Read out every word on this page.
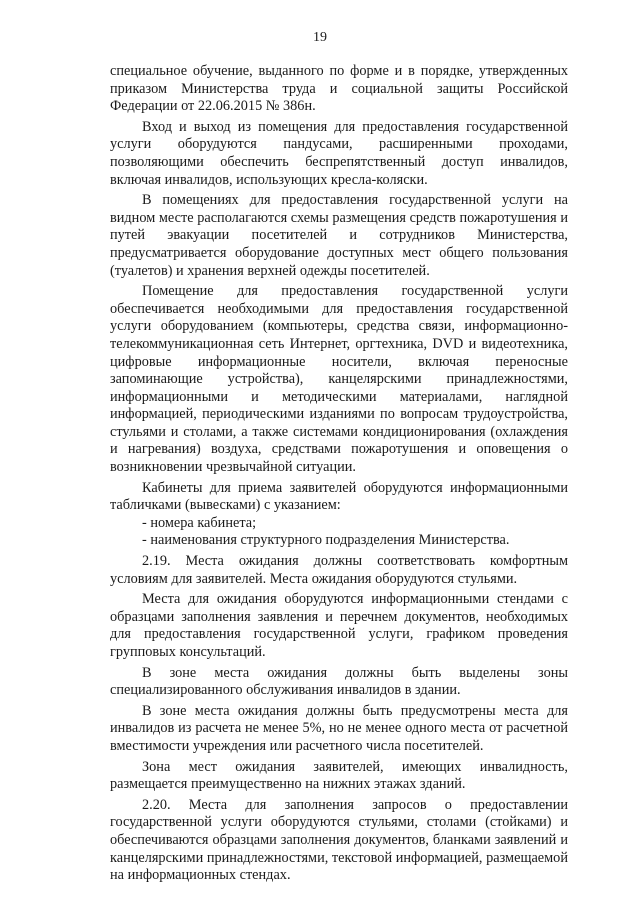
19

специальное обучение, выданного по форме и в порядке, утвержденных приказом Министерства труда и социальной защиты Российской Федерации от 22.06.2015 № 386н.

Вход и выход из помещения для предоставления государственной услуги оборудуются пандусами, расширенными проходами, позволяющими обеспечить беспрепятственный доступ инвалидов, включая инвалидов, использующих кресла-коляски.

В помещениях для предоставления государственной услуги на видном месте располагаются схемы размещения средств пожаротушения и путей эвакуации посетителей и сотрудников Министерства, предусматривается оборудование доступных мест общего пользования (туалетов) и хранения верхней одежды посетителей.

Помещение для предоставления государственной услуги обеспечивается необходимыми для предоставления государственной услуги оборудованием (компьютеры, средства связи, информационно-телекоммуникационная сеть Интернет, оргтехника, DVD и видеотехника, цифровые информационные носители, включая переносные запоминающие устройства), канцелярскими принадлежностями, информационными и методическими материалами, наглядной информацией, периодическими изданиями по вопросам трудоустройства, стульями и столами, а также системами кондиционирования (охлаждения и нагревания) воздуха, средствами пожаротушения и оповещения о возникновении чрезвычайной ситуации.

Кабинеты для приема заявителей оборудуются информационными табличками (вывесками) с указанием:

- номера кабинета;

- наименования структурного подразделения Министерства.

2.19. Места ожидания должны соответствовать комфортным условиям для заявителей. Места ожидания оборудуются стульями.

Места для ожидания оборудуются информационными стендами с образцами заполнения заявления и перечнем документов, необходимых для предоставления государственной услуги, графиком проведения групповых консультаций.

В зоне места ожидания должны быть выделены зоны специализированного обслуживания инвалидов в здании.

В зоне места ожидания должны быть предусмотрены места для инвалидов из расчета не менее 5%, но не менее одного места от расчетной вместимости учреждения или расчетного числа посетителей.

Зона мест ожидания заявителей, имеющих инвалидность, размещается преимущественно на нижних этажах зданий.

2.20. Места для заполнения запросов о предоставлении государственной услуги оборудуются стульями, столами (стойками) и обеспечиваются образцами заполнения документов, бланками заявлений и канцелярскими принадлежностями, текстовой информацией, размещаемой на информационных стендах.
